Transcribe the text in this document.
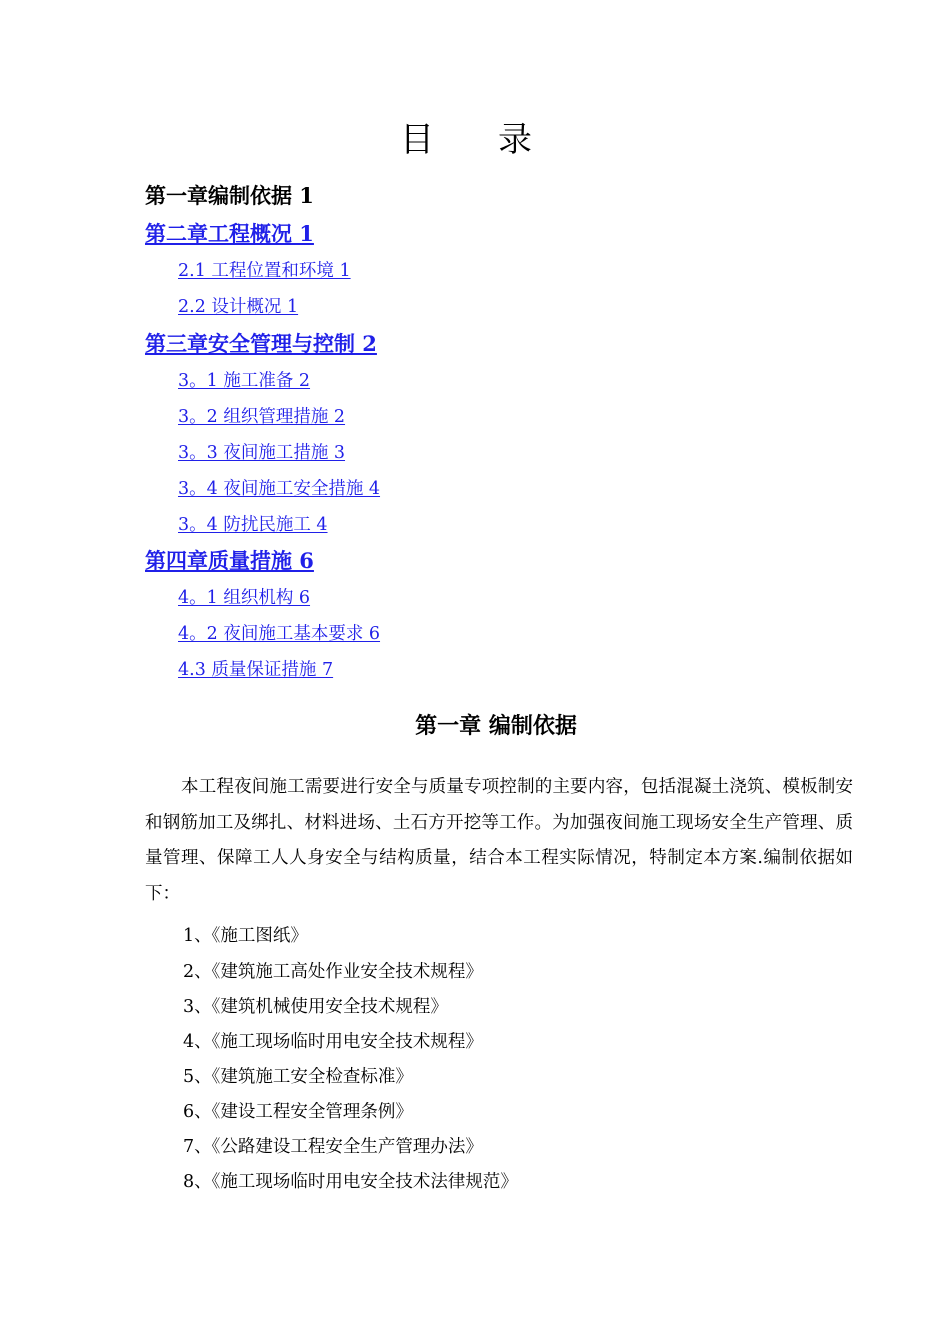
目录
第一章编制依据 1
第二章工程概况 1
2.1 工程位置和环境 1
2.2 设计概况 1
第三章安全管理与控制 2
3。1 施工准备 2
3。2 组织管理措施 2
3。3 夜间施工措施 3
3。4 夜间施工安全措施 4
3。4 防扰民施工 4
第四章质量措施 6
4。1 组织机构 6
4。2 夜间施工基本要求 6
4.3 质量保证措施 7
第一章 编制依据
本工程夜间施工需要进行安全与质量专项控制的主要内容，包括混凝土浇筑、模板制安和钢筋加工及绑扎、材料进场、土石方开挖等工作。为加强夜间施工现场安全生产管理、质量管理、保障工人人身安全与结构质量，结合本工程实际情况，特制定本方案.编制依据如下：
1、《施工图纸》
2、《建筑施工高处作业安全技术规程》
3、《建筑机械使用安全技术规程》
4、《施工现场临时用电安全技术规程》
5、《建筑施工安全检查标准》
6、《建设工程安全管理条例》
7、《公路建设工程安全生产管理办法》
8、《施工现场临时用电安全技术法律规范》
